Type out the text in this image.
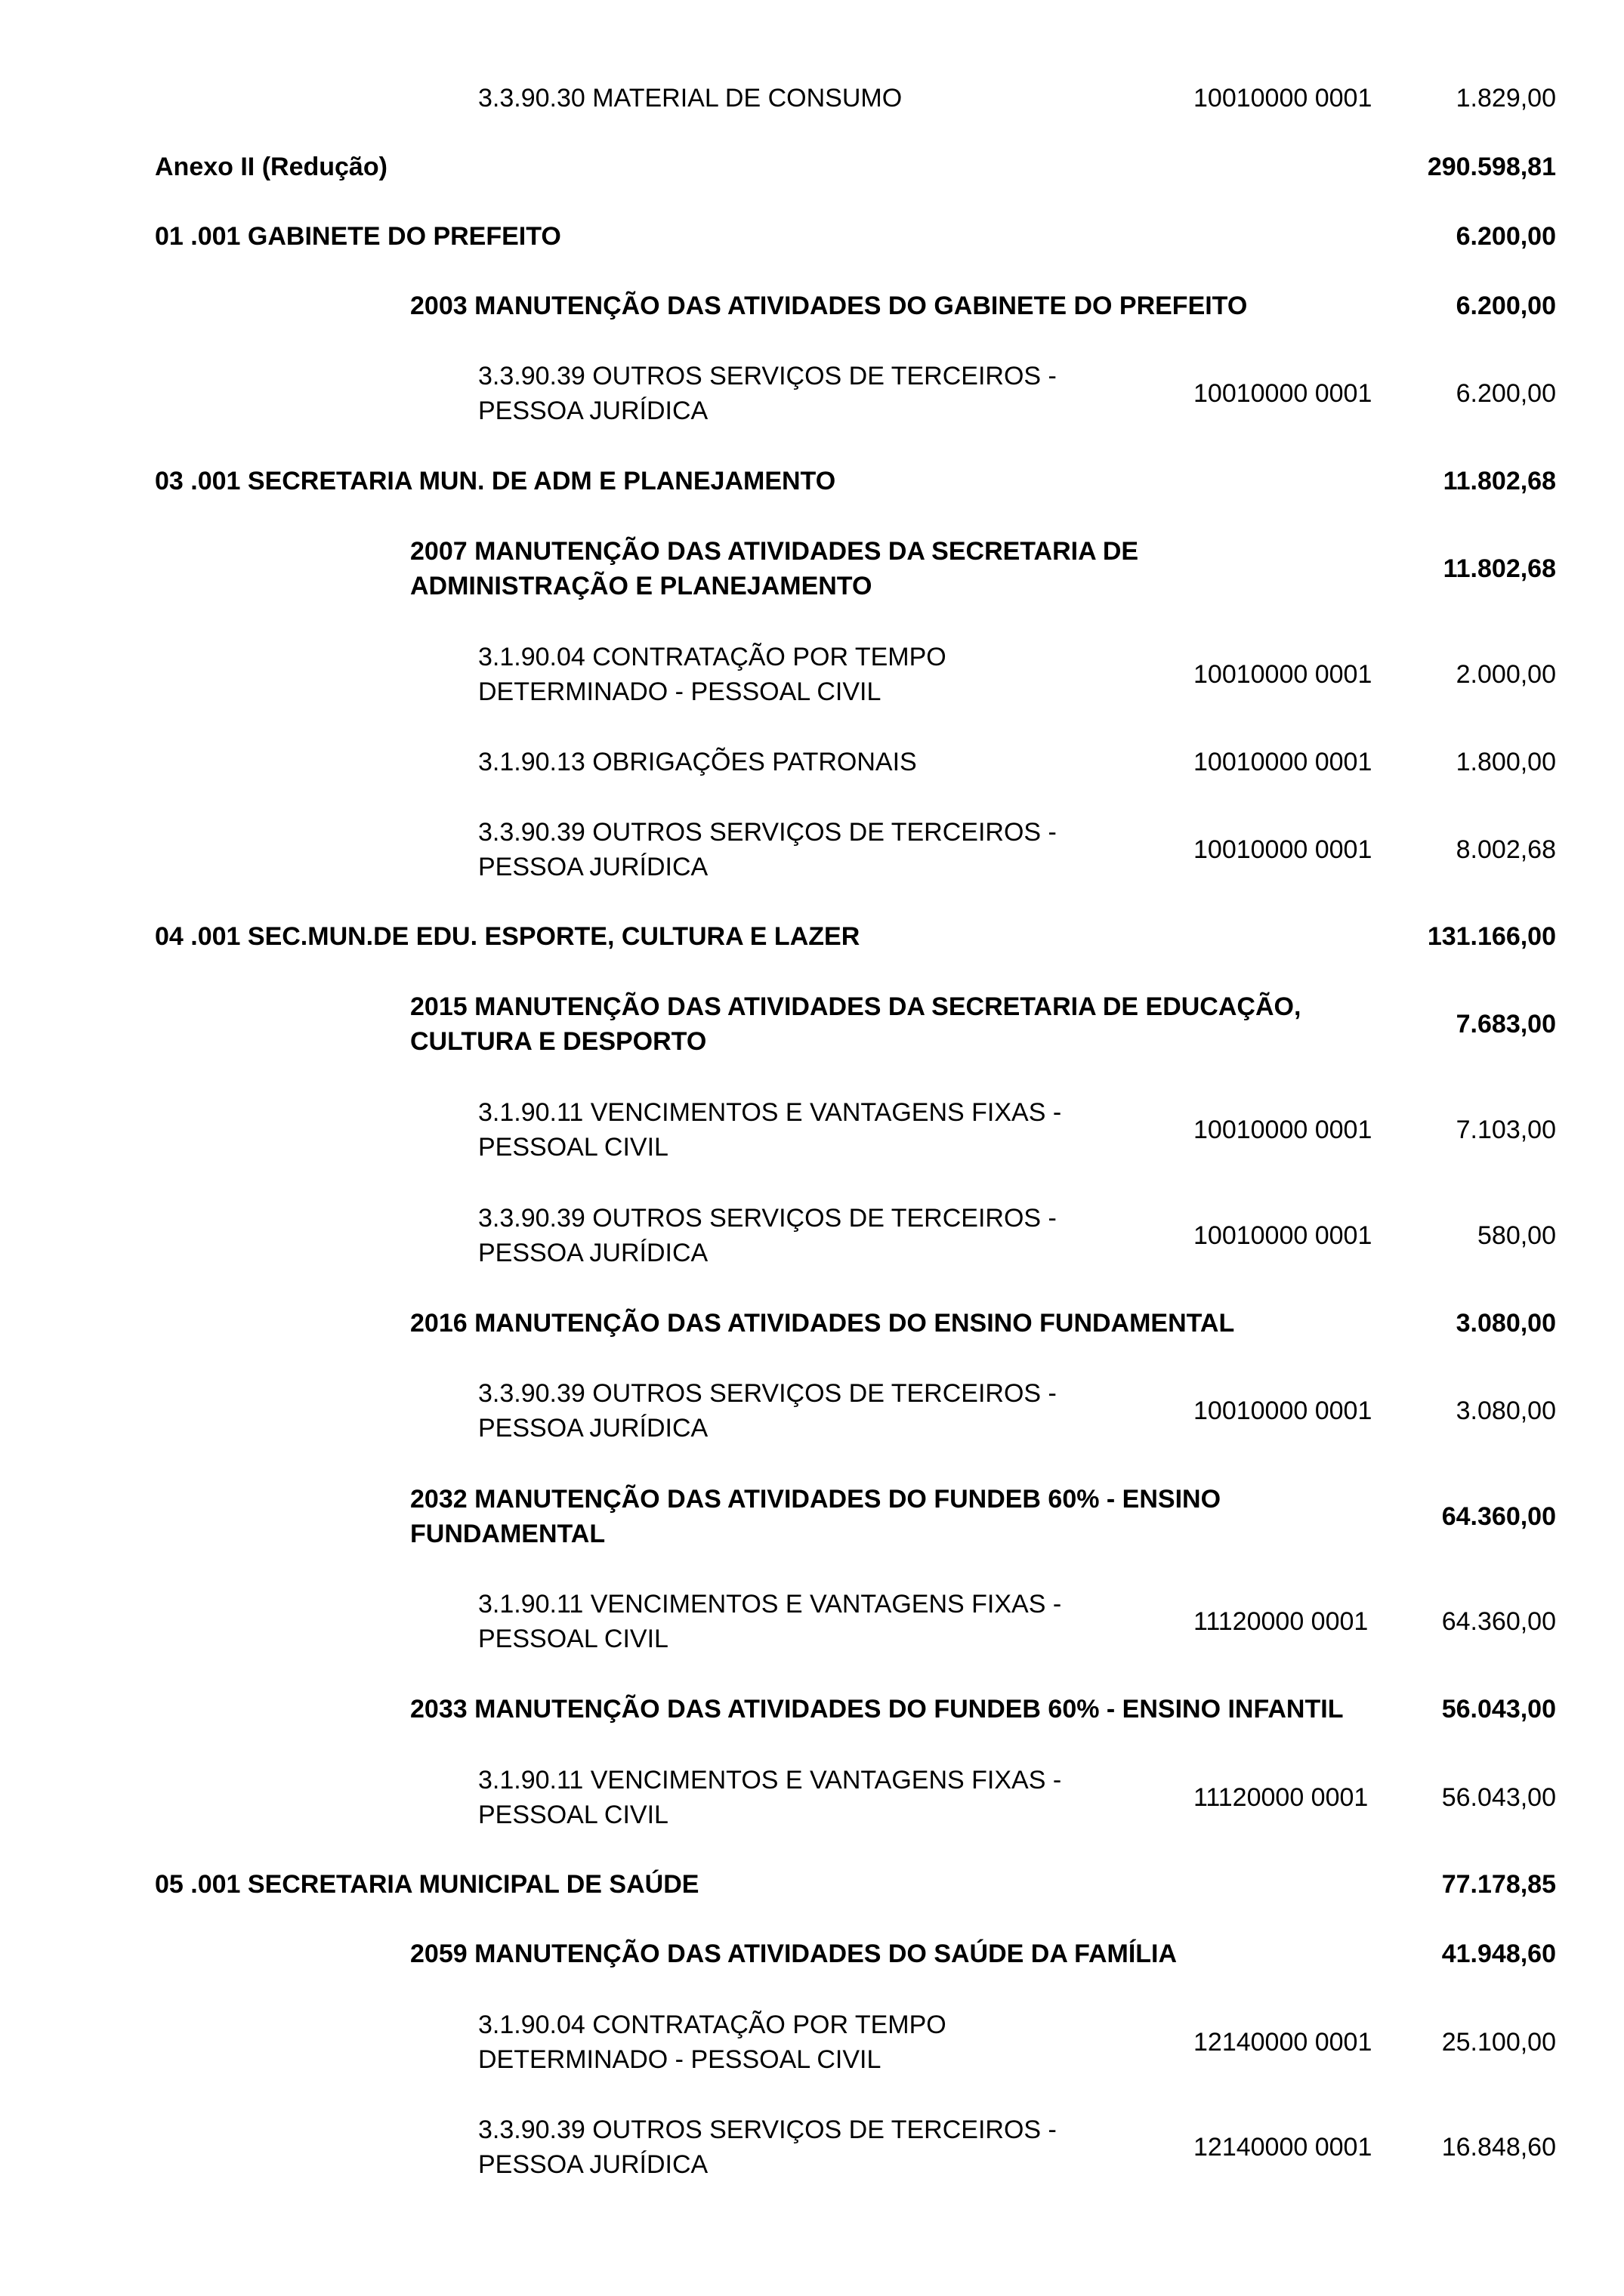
3.3.90.30 MATERIAL DE CONSUMO	10010000 0001	1.829,00
Anexo II (Redução)	290.598,81
01 .001 GABINETE DO PREFEITO	6.200,00
2003 MANUTENÇÃO DAS ATIVIDADES DO GABINETE DO PREFEITO	6.200,00
3.3.90.39 OUTROS SERVIÇOS DE TERCEIROS -
PESSOA JURÍDICA
10010000 0001	6.200,00
03 .001 SECRETARIA MUN. DE ADM E PLANEJAMENTO	11.802,68
2007 MANUTENÇÃO DAS ATIVIDADES DA SECRETARIA DE
ADMINISTRAÇÃO E PLANEJAMENTO
11.802,68
3.1.90.04 CONTRATAÇÃO POR TEMPO
DETERMINADO - PESSOAL CIVIL
10010000 0001	2.000,00
3.1.90.13 OBRIGAÇÕES PATRONAIS	10010000 0001	1.800,00
3.3.90.39 OUTROS SERVIÇOS DE TERCEIROS -
PESSOA JURÍDICA
10010000 0001	8.002,68
04 .001 SEC.MUN.DE EDU. ESPORTE, CULTURA E LAZER	131.166,00
2015 MANUTENÇÃO DAS ATIVIDADES DA SECRETARIA DE EDUCAÇÃO,
CULTURA E DESPORTO
7.683,00
3.1.90.11 VENCIMENTOS E VANTAGENS FIXAS -
PESSOAL CIVIL
10010000 0001	7.103,00
3.3.90.39 OUTROS SERVIÇOS DE TERCEIROS -
PESSOA JURÍDICA
10010000 0001	580,00
2016 MANUTENÇÃO DAS ATIVIDADES DO ENSINO FUNDAMENTAL	3.080,00
3.3.90.39 OUTROS SERVIÇOS DE TERCEIROS -
PESSOA JURÍDICA
10010000 0001	3.080,00
2032 MANUTENÇÃO DAS ATIVIDADES DO FUNDEB 60% - ENSINO
FUNDAMENTAL
64.360,00
3.1.90.11 VENCIMENTOS E VANTAGENS FIXAS -
PESSOAL CIVIL
11120000 0001	64.360,00
2033 MANUTENÇÃO DAS ATIVIDADES DO FUNDEB 60% - ENSINO INFANTIL	56.043,00
3.1.90.11 VENCIMENTOS E VANTAGENS FIXAS -
PESSOAL CIVIL
11120000 0001	56.043,00
05 .001 SECRETARIA MUNICIPAL DE SAÚDE	77.178,85
2059 MANUTENÇÃO DAS ATIVIDADES DO SAÚDE DA FAMÍLIA	41.948,60
3.1.90.04 CONTRATAÇÃO POR TEMPO
DETERMINADO - PESSOAL CIVIL
12140000 0001	25.100,00
3.3.90.39 OUTROS SERVIÇOS DE TERCEIROS -
PESSOA JURÍDICA
12140000 0001	16.848,60
